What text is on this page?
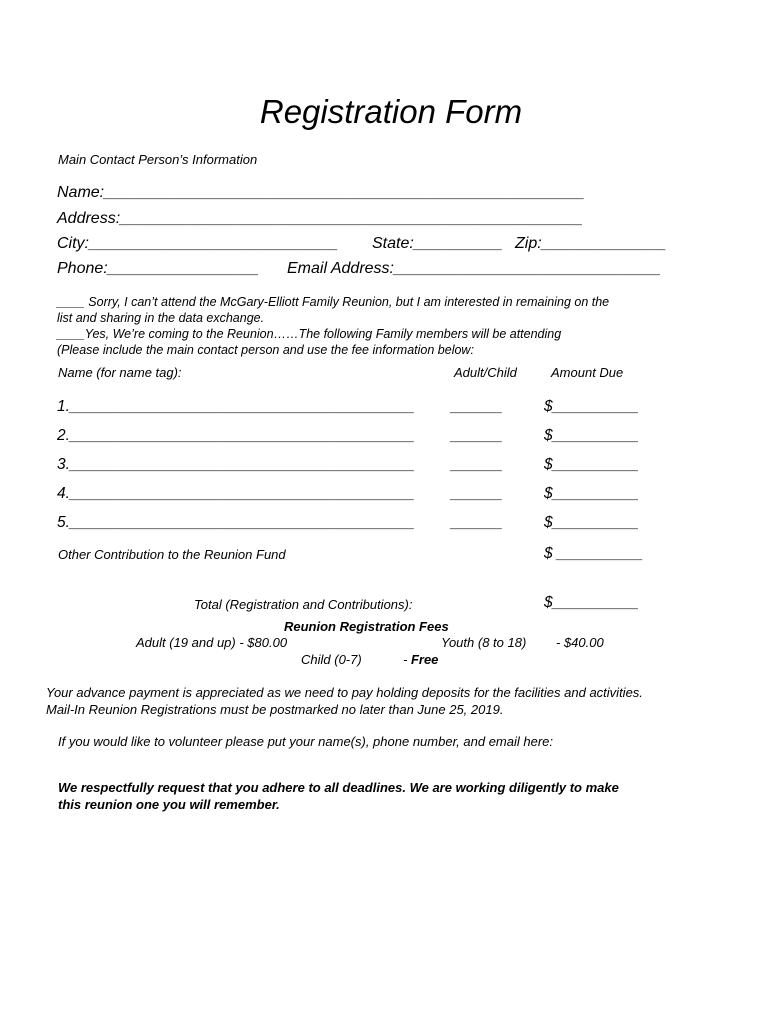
Registration Form
Main Contact Person’s Information
Name:______________________________________________________
Address:____________________________________________________
City:____________________________ State:__________ Zip:______________
Phone:_________________ Email Address:______________________________
____ Sorry, I can’t attend the McGary-Elliott Family Reunion, but I am interested in remaining on the
list and sharing in the data exchange.
____Yes, We’re coming to the Reunion……The following Family members will be attending
(Please include the main contact person and use the fee information below:
Name (for name tag):	Adult/Child	Amount Due
1.________________________________________ ______	$__________
2.________________________________________ ______	$__________
3.________________________________________ ______	$__________
4.________________________________________ ______	$__________
5.________________________________________ ______	$__________
Other Contribution to the Reunion Fund	$ __________
Total (Registration and Contributions):	$__________
Reunion Registration Fees
Adult (19 and up) - $80.00	Youth (8 to 18) - $40.00
Child (0-7)	- Free
Your advance payment is appreciated as we need to pay holding deposits for the facilities and activities.
Mail-In Reunion Registrations must be postmarked no later than June 25, 2019.
If you would like to volunteer please put your name(s), phone number, and email here:
We respectfully request that you adhere to all deadlines. We are working diligently to make
this reunion one you will remember.
